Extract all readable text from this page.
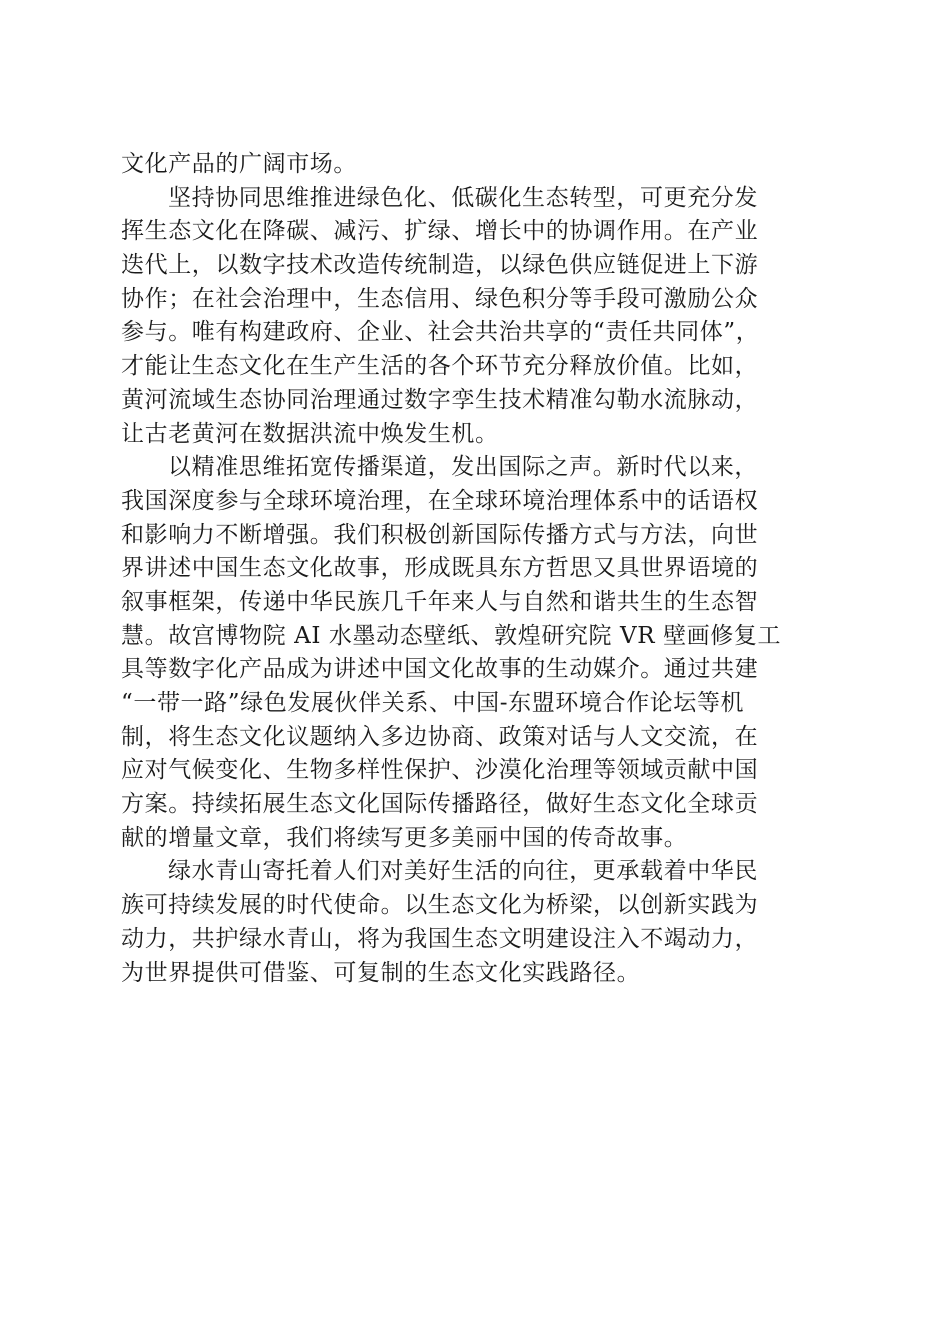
文化产品的广阔市场。
坚持协同思维推进绿色化、低碳化生态转型，可更充分发
挥生态文化在降碳、减污、扩绿、增长中的协调作用。在产业
迭代上，以数字技术改造传统制造，以绿色供应链促进上下游
协作；在社会治理中，生态信用、绿色积分等手段可激励公众
参与。唯有构建政府、企业、社会共治共享的“责任共同体”，
才能让生态文化在生产生活的各个环节充分释放价值。比如，
黄河流域生态协同治理通过数字孪生技术精准勾勒水流脉动，
让古老黄河在数据洪流中焕发生机。
以精准思维拓宽传播渠道，发出国际之声。新时代以来，
我国深度参与全球环境治理，在全球环境治理体系中的话语权
和影响力不断增强。我们积极创新国际传播方式与方法，向世
界讲述中国生态文化故事，形成既具东方哲思又具世界语境的
叙事框架，传递中华民族几千年来人与自然和谐共生的生态智
慧。故宫博物院 AI 水墨动态壁纸、敦煌研究院 VR 壁画修复工
具等数字化产品成为讲述中国文化故事的生动媒介。通过共建
“一带一路”绿色发展伙伴关系、中国-东盟环境合作论坛等机
制，将生态文化议题纳入多边协商、政策对话与人文交流，在
应对气候变化、生物多样性保护、沙漠化治理等领域贡献中国
方案。持续拓展生态文化国际传播路径，做好生态文化全球贡
献的增量文章，我们将续写更多美丽中国的传奇故事。
绿水青山寄托着人们对美好生活的向往，更承载着中华民
族可持续发展的时代使命。以生态文化为桥梁，以创新实践为
动力，共护绿水青山，将为我国生态文明建设注入不竭动力，
为世界提供可借鉴、可复制的生态文化实践路径。
